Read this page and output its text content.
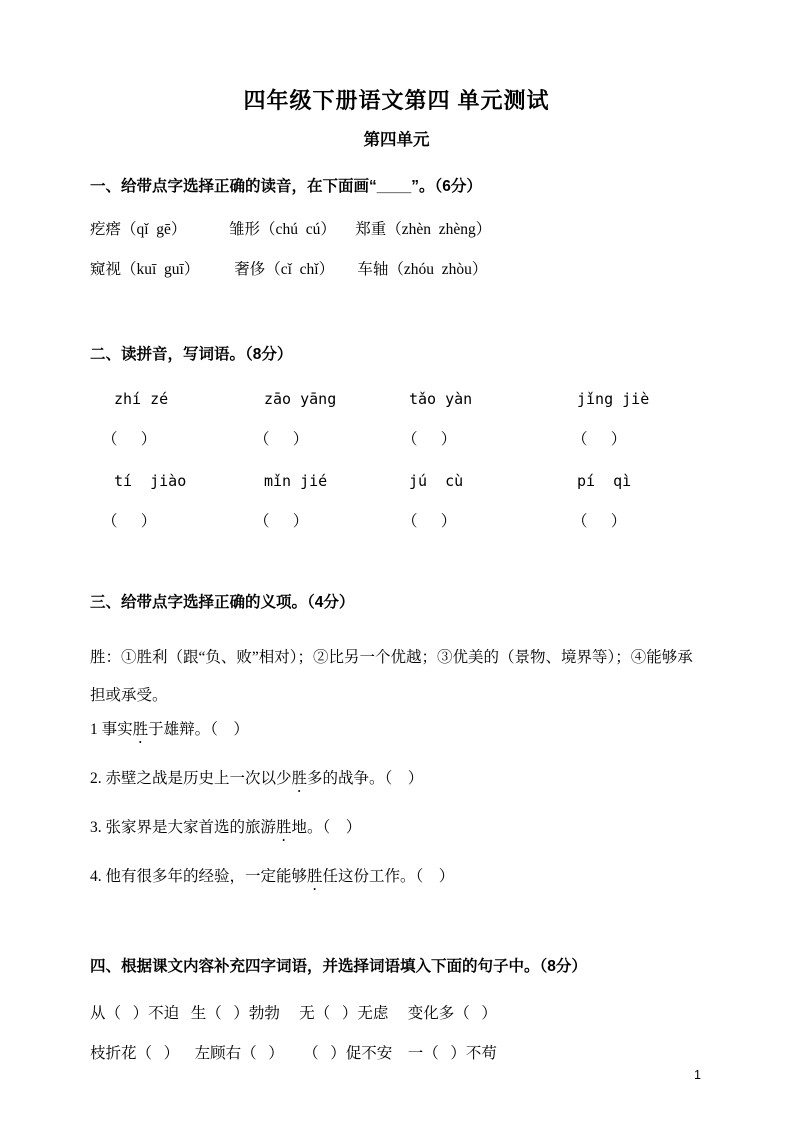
四年级下册语文第四 单元测试
第四单元
一、给带点字选择正确的读音，在下面画“____”。（6分）
疙瘩（qǐ  gē）           雏形（chú  cú）     郑重（zhèn  zhèng）
窥视（kuī  guī）         奢侈（cǐ  chǐ）      车轴（zhóu  zhòu）
二、读拼音，写词语。（8分）
zhí zé	zāo yāng	tǎo yàn	jǐng jiè
（      ）	（      ）	（      ）	（      ）
tí  jiào	mǐn jié	jú  cù	pí  qì
（      ）	（      ）	（      ）	（      ）
三、给带点字选择正确的义项。（4分）
胜：①胜利（跟“负、败”相对）；②比另一个优越；③优美的（景物、境界等）；④能够承担或承受。
1 事实胜于雄辩。（    ）
2. 赤壁之战是历史上一次以少胜多的战争。（    ）
3. 张家界是大家首选的旅游胜地。（    ）
4. 他有很多年的经验，一定能够胜任这份工作。（    ）
四、根据课文内容补充四字词语，并选择词语填入下面的句子中。（8分）
从（   ）不迫   生（   ）勃勃     无（   ）无虑     变化多（   ）
枝折花（   ）    左顾右（   ）     （   ）促不安    一（   ）不苟
1
